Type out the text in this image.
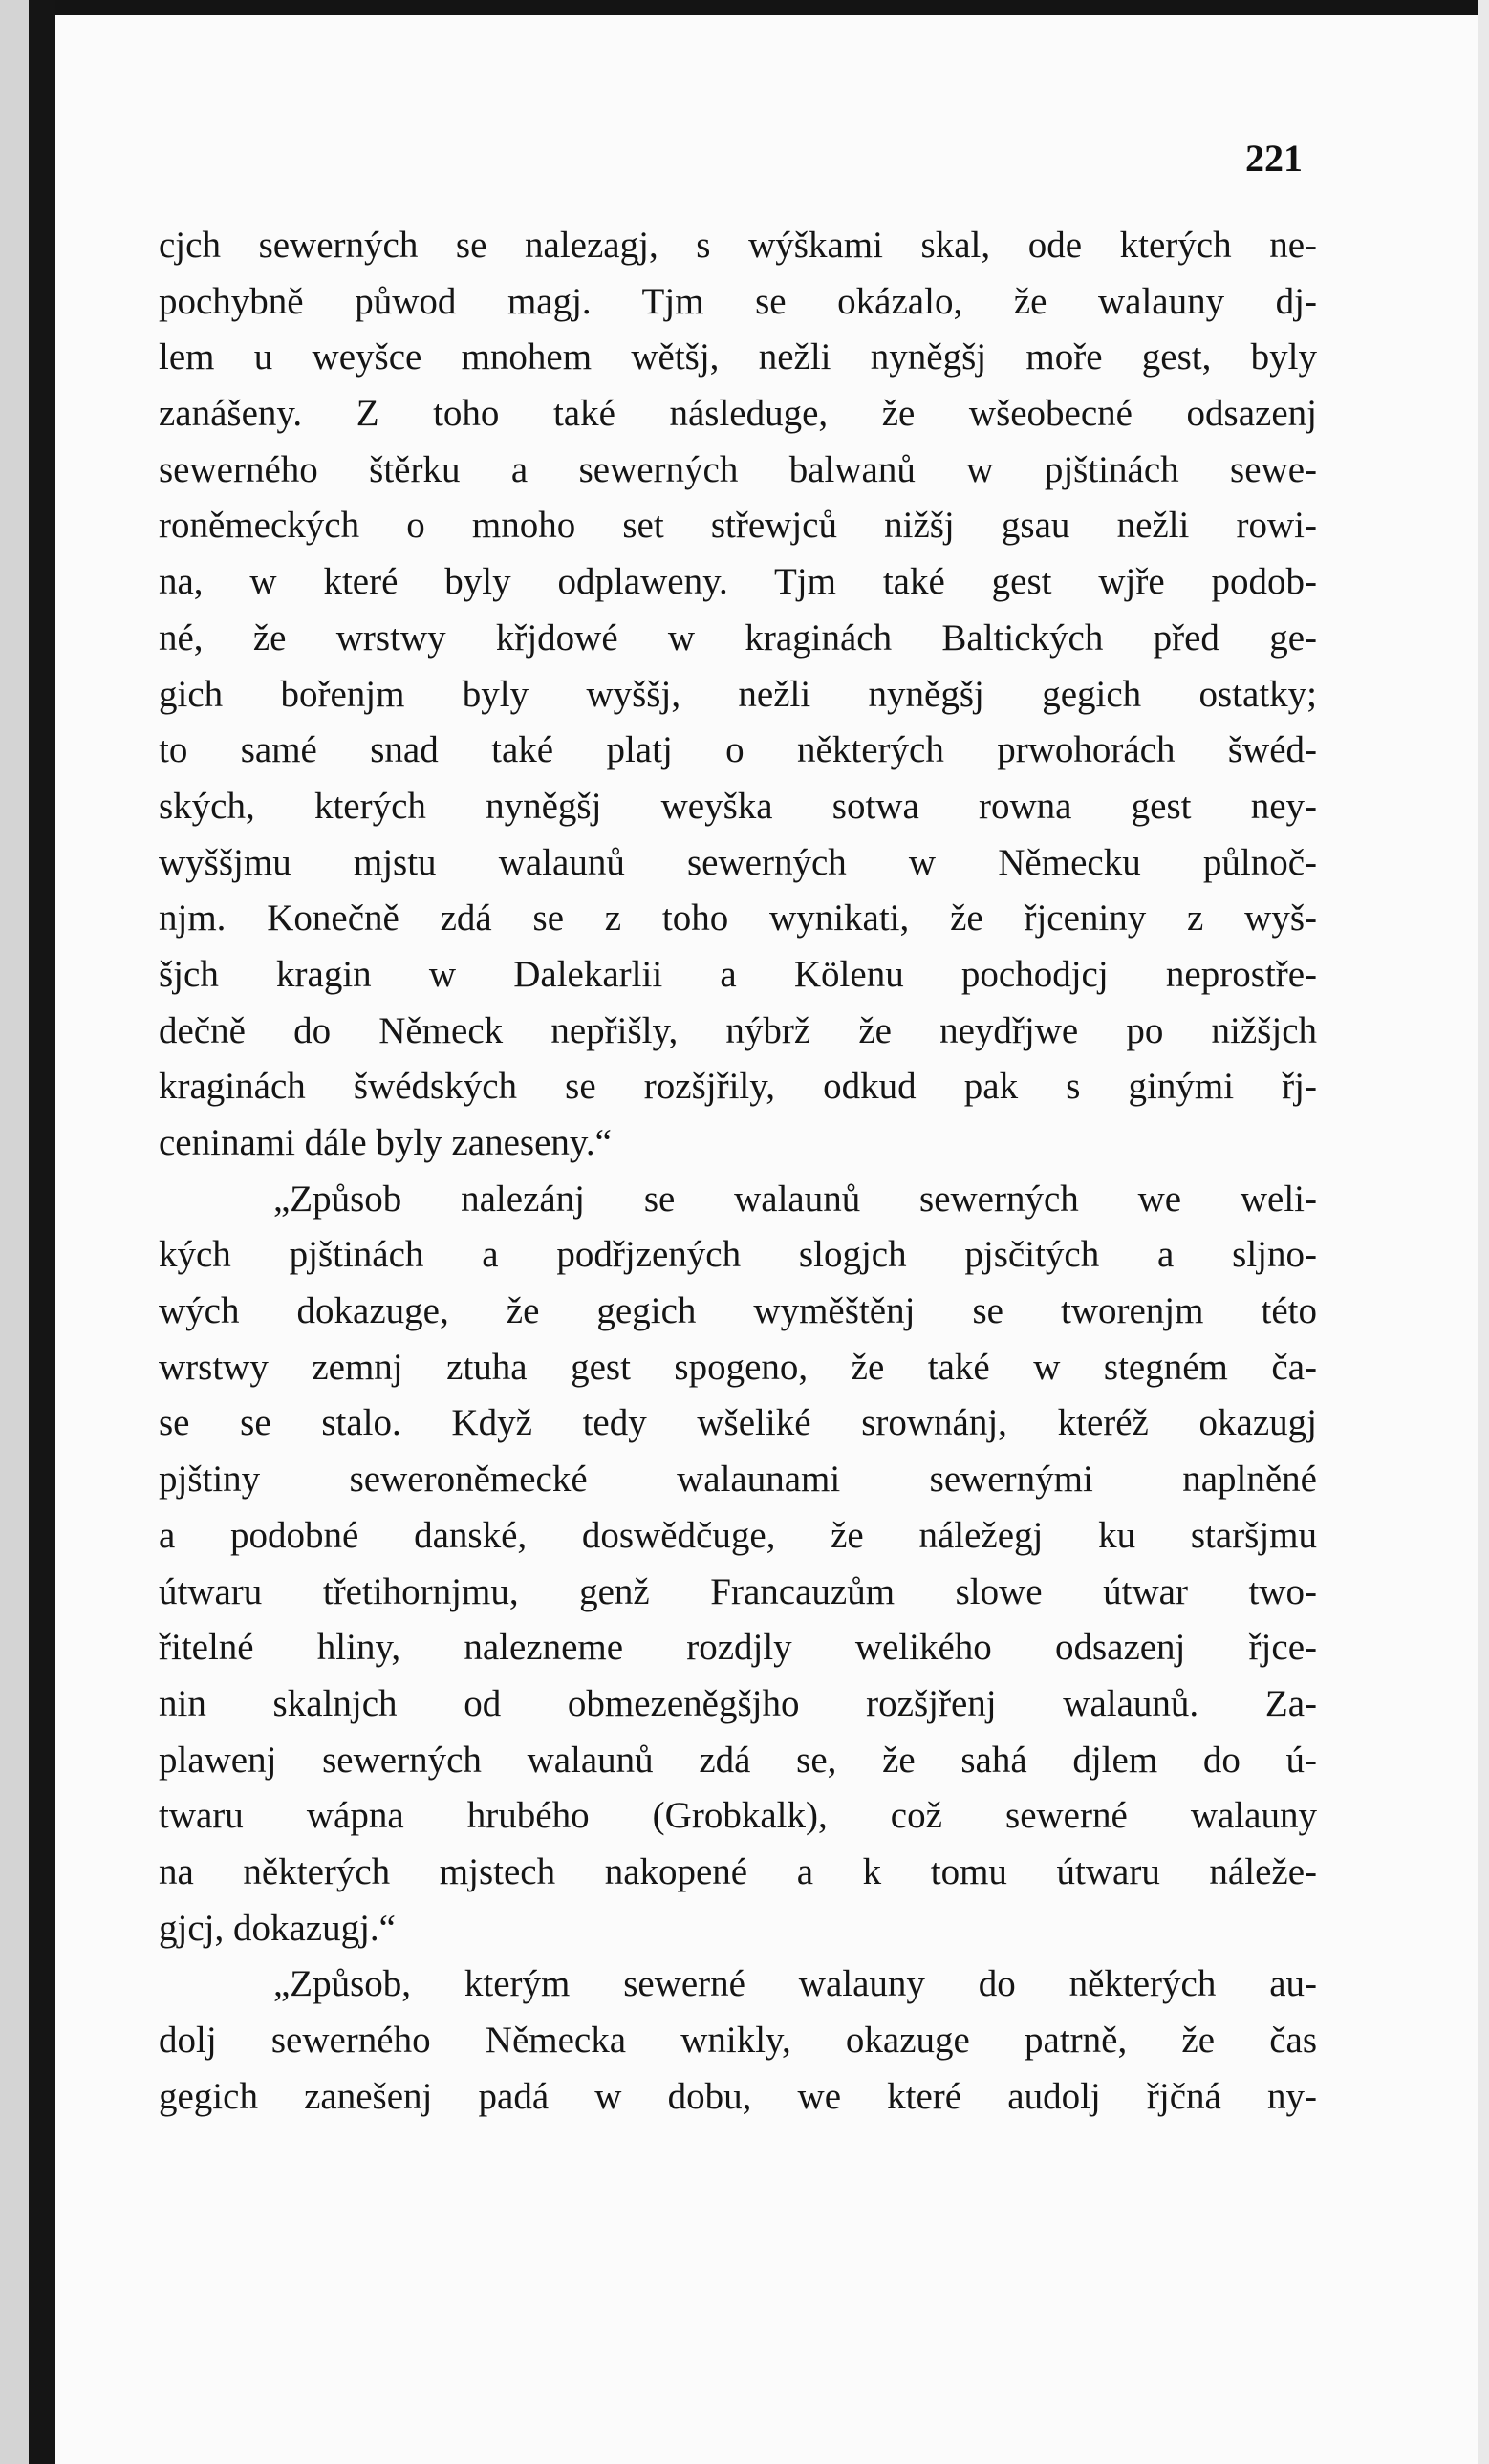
221
cjch sewerných se nalezagj, s wýškami skal, ode kterých ne-
pochybně půwod magj. Tjm se okázalo, že walauny dj-
lem u weyšce mnohem wětšj, nežli nyněgšj moře gest, byly
zanášeny. Z toho také následuge, že wšeobecné odsazenj
sewerného štěrku a sewerných balwanů w pjštinách sewe-
roněmeckých o mnoho set střewjců nižšj gsau nežli rowi-
na, w které byly odplaweny. Tjm také gest wjře podob-
né, že wrstwy křjdowé w kraginách Baltických před ge-
gich bořenjm byly wyššj, nežli nyněgšj gegich ostatky;
to samé snad také platj o některých prwohorách šwéd-
ských, kterých nyněgšj weyška sotwa rowna gest ney-
wyššjmu mjstu walaunů sewerných w Německu půlnoč-
njm. Konečně zdá se z toho wynikati, že řjceniny z wyš-
šjch kragin w Dalekarlii a Kölenu pochodjcj neprostře-
dečně do Německ nepřišly, nýbrž že neydřjwe po nižšjch
kraginách šwédských se rozšjřily, odkud pak s ginými řj-
ceninami dále byly zaneseny.“
„Způsob nalezánj se walaunů sewerných we weli-
kých pjštinách a podřjzených slogjch pjsčitých a sljno-
wých dokazuge, že gegich wyměštěnj se tworenjm této
wrstwy zemnj ztuha gest spogeno, že také w stegném ča-
se se stalo. Když tedy wšeliké srownánj, kteréž okazugj
pjštiny seweroněmecké walaunami sewernými naplněné
a podobné danské, doswědčuge, že náležegj ku staršjmu
útwaru třetihornjmu, genž Francauzům slowe útwar two-
řitelné hliny, nalezneme rozdjly welikého odsazenj řjce-
nin skalnjch od obmezeněgšjho rozšjřenj walaunů. Za-
plawenj sewerných walaunů zdá se, že sahá djlem do ú-
twaru wápna hrubého (Grobkalk), což sewerné walauny
na některých mjstech nakopené a k tomu útwaru náleže-
gjcj, dokazugj.“
„Způsob, kterým sewerné walauny do některých au-
dolj sewerného Německa wnikly, okazuge patrně, že čas
gegich zanešenj padá w dobu, we které audolj řjčná ny-
